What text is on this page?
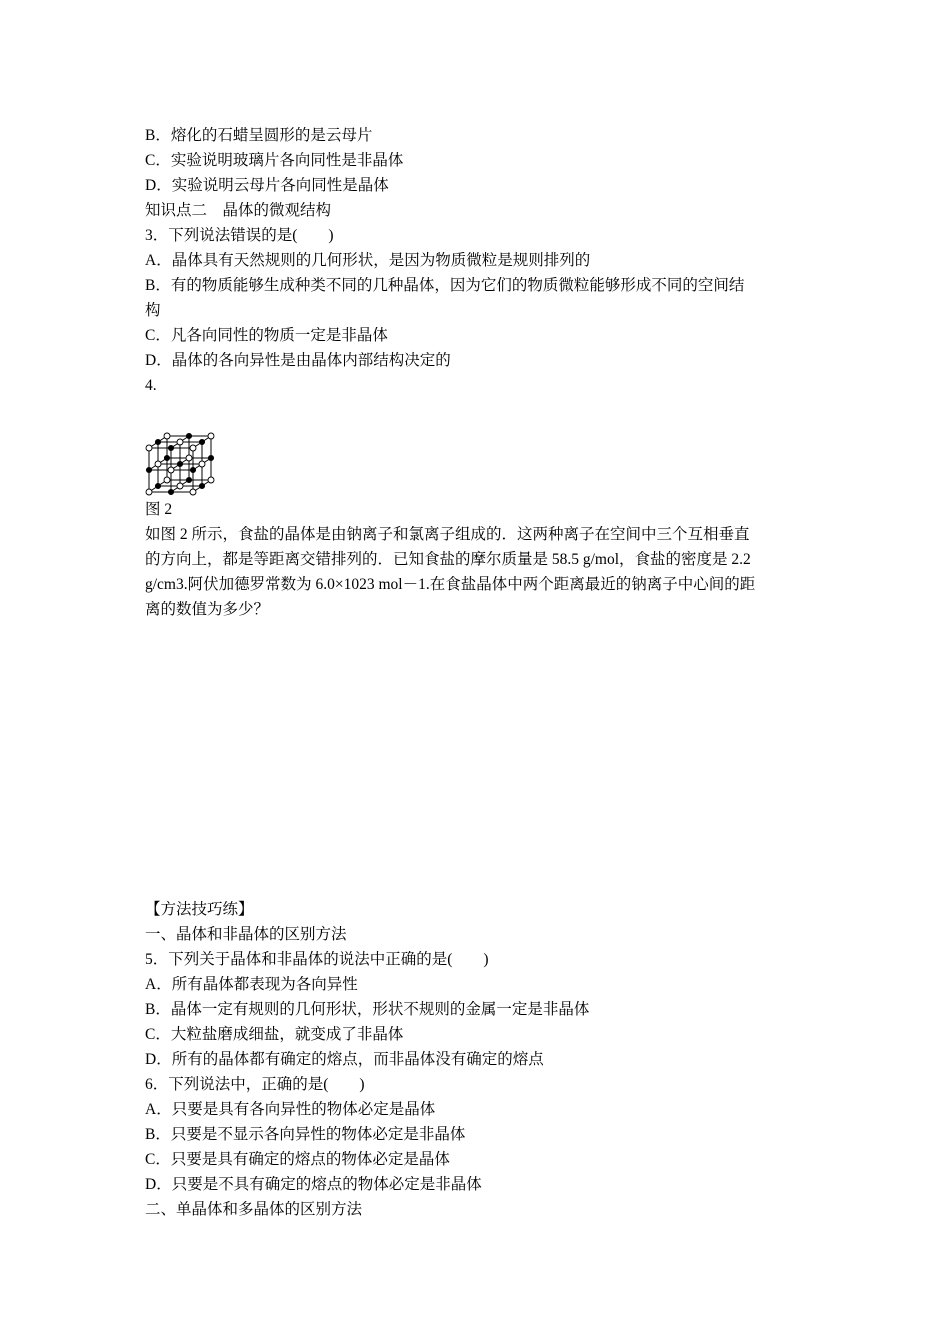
B．熔化的石蜡呈圆形的是云母片
C．实验说明玻璃片各向同性是非晶体
D．实验说明云母片各向同性是晶体
知识点二　晶体的微观结构
3．下列说法错误的是(　　)
A．晶体具有天然规则的几何形状，是因为物质微粒是规则排列的
B．有的物质能够生成种类不同的几种晶体，因为它们的物质微粒能够形成不同的空间结
构
C．凡各向同性的物质一定是非晶体
D．晶体的各向异性是由晶体内部结构决定的
4.
图 2
如图 2 所示，食盐的晶体是由钠离子和氯离子组成的．这两种离子在空间中三个互相垂直
的方向上，都是等距离交错排列的．已知食盐的摩尔质量是 58.5 g/mol，食盐的密度是 2.2
g/cm3.阿伏加德罗常数为 6.0×1023 mol－1.在食盐晶体中两个距离最近的钠离子中心间的距
离的数值为多少？
【方法技巧练】
一、晶体和非晶体的区别方法
5．下列关于晶体和非晶体的说法中正确的是(　　)
A．所有晶体都表现为各向异性
B．晶体一定有规则的几何形状，形状不规则的金属一定是非晶体
C．大粒盐磨成细盐，就变成了非晶体
D．所有的晶体都有确定的熔点，而非晶体没有确定的熔点
6．下列说法中，正确的是(　　)
A．只要是具有各向异性的物体必定是晶体
B．只要是不显示各向异性的物体必定是非晶体
C．只要是具有确定的熔点的物体必定是晶体
D．只要是不具有确定的熔点的物体必定是非晶体
二、单晶体和多晶体的区别方法
